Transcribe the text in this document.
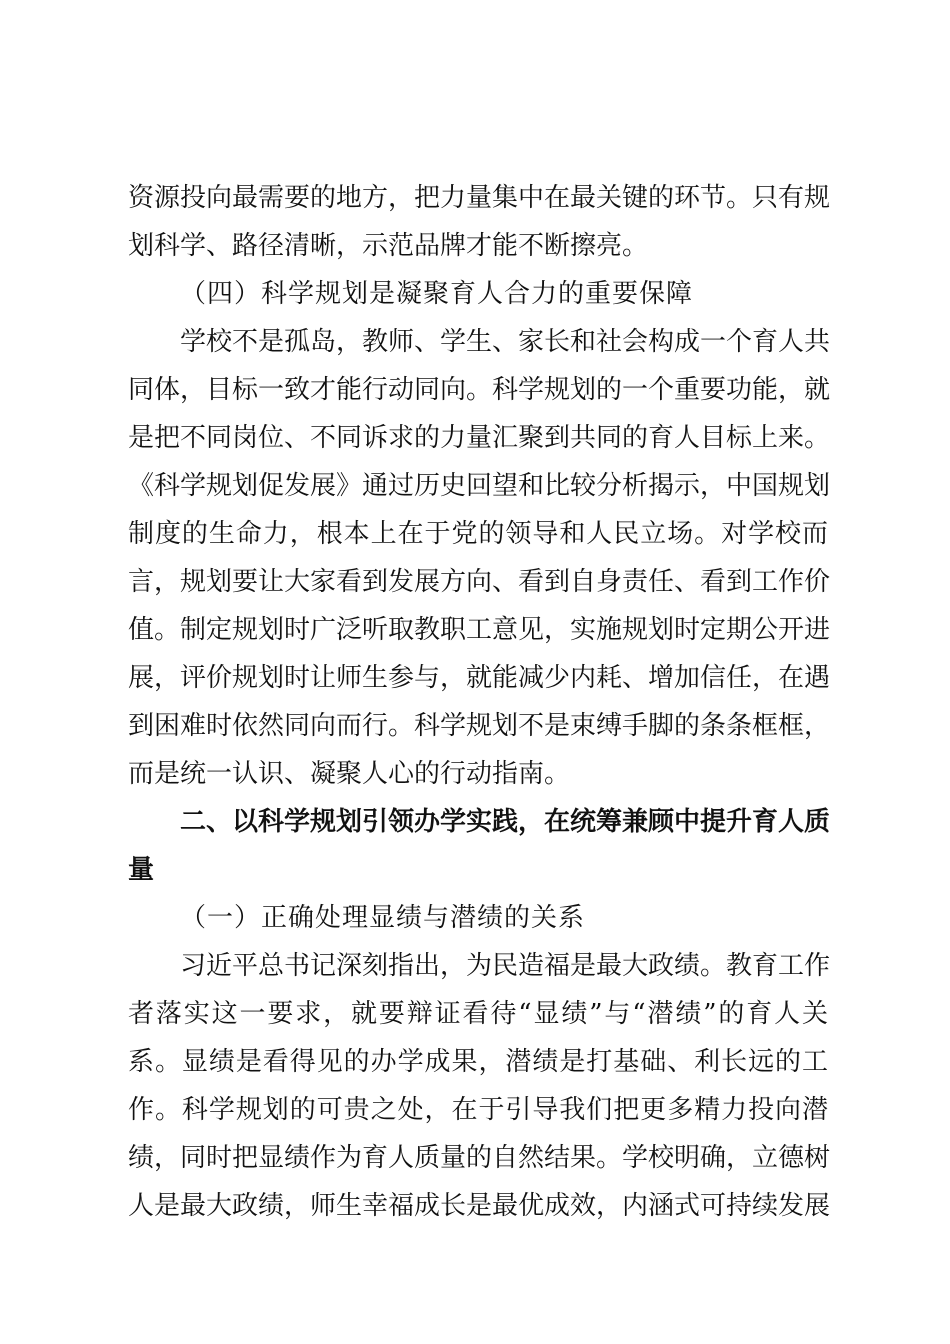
资源投向最需要的地方，把力量集中在最关键的环节。只有规
划科学、路径清晰，示范品牌才能不断擦亮。
（四）科学规划是凝聚育人合力的重要保障
学校不是孤岛，教师、学生、家长和社会构成一个育人共
同体，目标一致才能行动同向。科学规划的一个重要功能，就
是把不同岗位、不同诉求的力量汇聚到共同的育人目标上来。
《科学规划促发展》通过历史回望和比较分析揭示，中国规划
制度的生命力，根本上在于党的领导和人民立场。对学校而
言，规划要让大家看到发展方向、看到自身责任、看到工作价
值。制定规划时广泛听取教职工意见，实施规划时定期公开进
展，评价规划时让师生参与，就能减少内耗、增加信任，在遇
到困难时依然同向而行。科学规划不是束缚手脚的条条框框，
而是统一认识、凝聚人心的行动指南。
二、以科学规划引领办学实践，在统筹兼顾中提升育人质
量
（一）正确处理显绩与潜绩的关系
习近平总书记深刻指出，为民造福是最大政绩。教育工作
者落实这一要求，就要辩证看待“显绩”与“潜绩”的育人关
系。显绩是看得见的办学成果，潜绩是打基础、利长远的工
作。科学规划的可贵之处，在于引导我们把更多精力投向潜
绩，同时把显绩作为育人质量的自然结果。学校明确，立德树
人是最大政绩，师生幸福成长是最优成效，内涵式可持续发展
